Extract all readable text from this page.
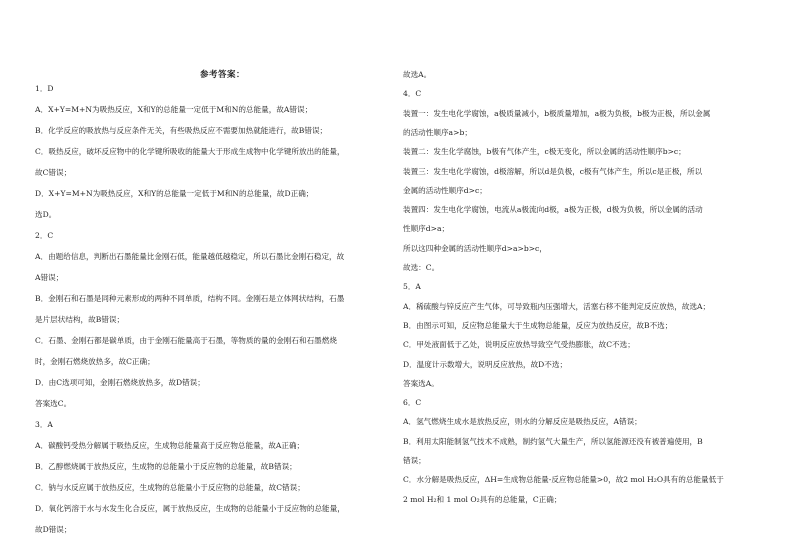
参考答案：
1．D
A．X+Y=M+N为吸热反应，X和Y的总能量一定低于M和N的总能量，故A错误；
B．化学反应的吸放热与反应条件无关，有些吸热反应不需要加热就能进行，故B错误；
C．吸热反应，破坏反应物中的化学键所吸收的能量大于形成生成物中化学键所放出的能量，
故C错误；
D．X+Y=M+N为吸热反应，X和Y的总能量一定低于M和N的总能量，故D正确；
选D。
2．C
A．由题给信息，判断出石墨能量比金刚石低，能量越低越稳定，所以石墨比金刚石稳定，故
A错误；
B．金刚石和石墨是同种元素形成的两种不同单质，结构不同。金刚石是立体网状结构，石墨
是片层状结构，故B错误；
C．石墨、金刚石都是碳单质，由于金刚石能量高于石墨，等物质的量的金刚石和石墨燃烧
时，金刚石燃烧放热多，故C正确；
D．由C选项可知，金刚石燃烧放热多，故D错误；
答案选C。
3．A
A．碳酸钙受热分解属于吸热反应，生成物总能量高于反应物总能量，故A正确；
B．乙醇燃烧属于放热反应，生成物的总能量小于反应物的总能量，故B错误；
C．钠与水反应属于放热反应，生成物的总能量小于反应物的总能量，故C错误；
D．氧化钙溶于水与水发生化合反应，属于放热反应，生成物的总能量小于反应物的总能量，
故D错误；
故选A。
4．C
装置一：发生电化学腐蚀，a极质量减小，b极质量增加，a极为负极，b极为正极，所以金属
的活动性顺序a>b；
装置二：发生化学腐蚀，b极有气体产生，c极无变化，所以金属的活动性顺序b>c；
装置三：发生电化学腐蚀，d极溶解，所以d是负极，c极有气体产生，所以c是正极，所以
金属的活动性顺序d>c；
装置四：发生电化学腐蚀，电流从a极流向d极，a极为正极，d极为负极，所以金属的活动
性顺序d>a；
所以这四种金属的活动性顺序d>a>b>c，
故选：C。
5．A
A．稀硫酸与锌反应产生气体，可导致瓶内压强增大，活塞右移不能判定反应放热，故选A；
B．由图示可知，反应物总能量大于生成物总能量，反应为放热反应，故B不选；
C．甲处液面低于乙处，说明反应放热导致空气受热膨胀，故C不选；
D．温度计示数增大，说明反应放热，故D不选；
答案选A。
6．C
A．氢气燃烧生成水是放热反应，则水的分解反应是吸热反应，A错误；
B．利用太阳能制氢气技术不成熟，制约氢气大量生产，所以氢能源还没有被普遍使用，B
错误；
C．水分解是吸热反应，ΔH=生成物总能量-反应物总能量>0，故2 mol H₂O具有的总能量低于
2 mol H₂和 1 mol O₂具有的总能量，C正确；
